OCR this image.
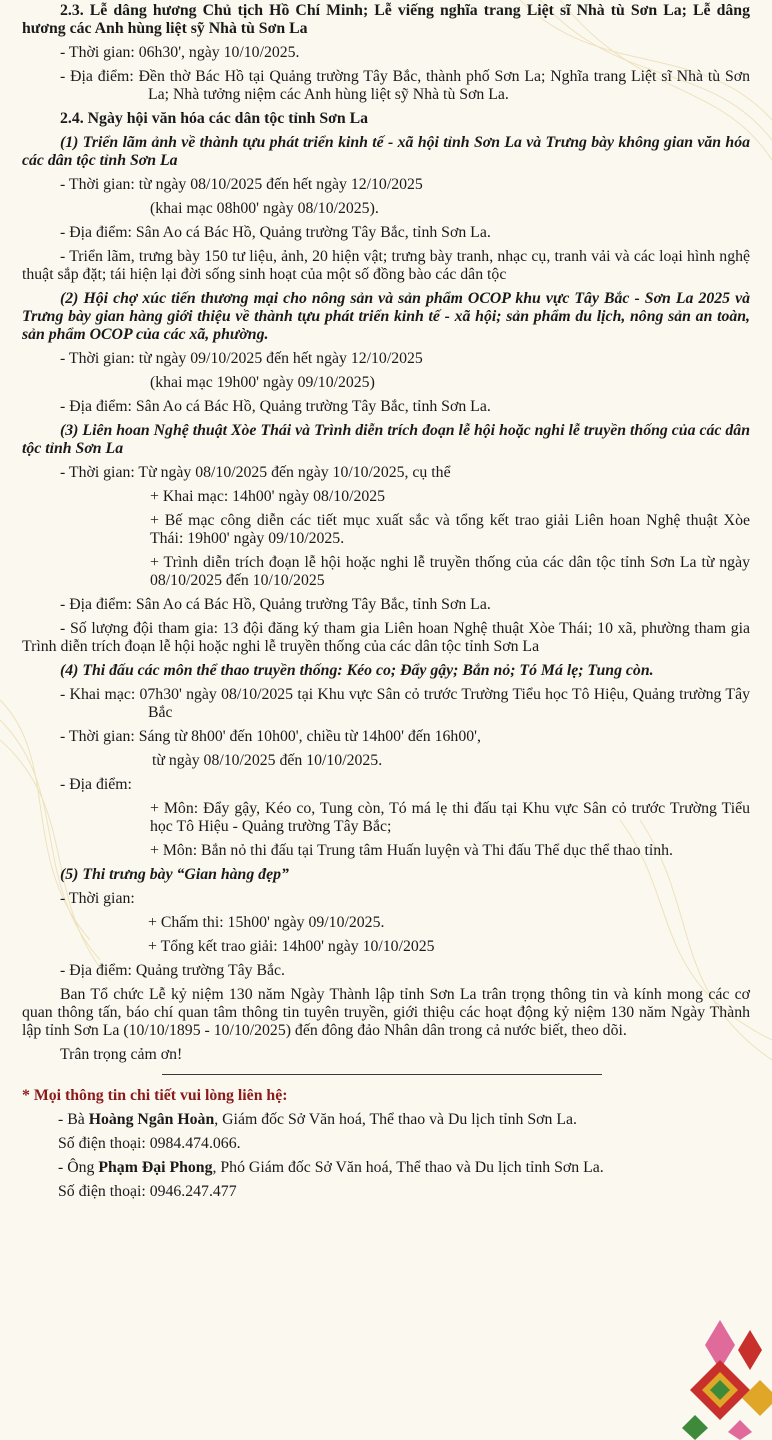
2.3. Lễ dâng hương Chủ tịch Hồ Chí Minh; Lễ viếng nghĩa trang Liệt sĩ Nhà tù Sơn La; Lễ dâng hương các Anh hùng liệt sỹ Nhà tù Sơn La

- Thời gian: 06h30', ngày 10/10/2025.

- Địa điểm: Đền thờ Bác Hồ tại Quảng trường Tây Bắc, thành phố Sơn La; Nghĩa trang Liệt sĩ Nhà tù Sơn La; Nhà tưởng niệm các Anh hùng liệt sỹ Nhà tù Sơn La.

2.4. Ngày hội văn hóa các dân tộc tỉnh Sơn La

(1) Triển lãm ảnh về thành tựu phát triển kinh tế - xã hội tỉnh Sơn La và Trưng bày không gian văn hóa các dân tộc tỉnh Sơn La

- Thời gian: từ ngày 08/10/2025 đến hết ngày 12/10/2025

(khai mạc 08h00' ngày 08/10/2025).

- Địa điểm: Sân Ao cá Bác Hồ, Quảng trường Tây Bắc, tỉnh Sơn La.

- Triển lãm, trưng bày 150 tư liệu, ảnh, 20 hiện vật; trưng bày tranh, nhạc cụ, tranh vải và các loại hình nghệ thuật sắp đặt; tái hiện lại đời sống sinh hoạt của một số đồng bào các dân tộc

(2) Hội chợ xúc tiến thương mại cho nông sản và sản phẩm OCOP khu vực Tây Bắc - Sơn La 2025 và Trưng bày gian hàng giới thiệu về thành tựu phát triển kinh tế - xã hội; sản phẩm du lịch, nông sản an toàn, sản phẩm OCOP của các xã, phường.

- Thời gian: từ ngày 09/10/2025 đến hết ngày 12/10/2025

(khai mạc 19h00' ngày 09/10/2025)

- Địa điểm: Sân Ao cá Bác Hồ, Quảng trường Tây Bắc, tỉnh Sơn La.

(3) Liên hoan Nghệ thuật Xòe Thái và Trình diễn trích đoạn lễ hội hoặc nghi lễ truyền thống của các dân tộc tỉnh Sơn La

- Thời gian: Từ ngày 08/10/2025 đến ngày 10/10/2025, cụ thể

+ Khai mạc: 14h00' ngày 08/10/2025

+ Bế mạc công diễn các tiết mục xuất sắc và tổng kết trao giải Liên hoan Nghệ thuật Xòe Thái: 19h00' ngày 09/10/2025.

+ Trình diễn trích đoạn lễ hội hoặc nghi lễ truyền thống của các dân tộc tỉnh Sơn La từ ngày 08/10/2025 đến 10/10/2025

- Địa điểm: Sân Ao cá Bác Hồ, Quảng trường Tây Bắc, tỉnh Sơn La.

- Số lượng đội tham gia: 13 đội đăng ký tham gia Liên hoan Nghệ thuật Xòe Thái; 10 xã, phường tham gia Trình diễn trích đoạn lễ hội hoặc nghi lễ truyền thống của các dân tộc tỉnh Sơn La

(4) Thi đấu các môn thể thao truyền thống: Kéo co; Đẩy gậy; Bắn nỏ; Tó Má lẹ; Tung còn.

- Khai mạc: 07h30' ngày 08/10/2025 tại Khu vực Sân cỏ trước Trường Tiểu học Tô Hiệu, Quảng trường Tây Bắc

- Thời gian: Sáng từ 8h00' đến 10h00', chiều từ 14h00' đến 16h00',

từ ngày 08/10/2025 đến 10/10/2025.

- Địa điểm:

+ Môn: Đẩy gậy, Kéo co, Tung còn, Tó má lẹ thi đấu tại Khu vực Sân cỏ trước Trường Tiểu học Tô Hiệu - Quảng trường Tây Bắc;

+ Môn: Bắn nỏ thi đấu tại Trung tâm Huấn luyện và Thi đấu Thể dục thể thao tỉnh.

(5) Thi trưng bày “Gian hàng đẹp”

- Thời gian:

+ Chấm thi: 15h00' ngày 09/10/2025.

+ Tổng kết trao giải: 14h00' ngày 10/10/2025

- Địa điểm: Quảng trường Tây Bắc.

Ban Tổ chức Lễ kỷ niệm 130 năm Ngày Thành lập tỉnh Sơn La trân trọng thông tin và kính mong các cơ quan thông tấn, báo chí quan tâm thông tin tuyên truyền, giới thiệu các hoạt động kỷ niệm 130 năm Ngày Thành lập tỉnh Sơn La (10/10/1895 - 10/10/2025) đến đông đảo Nhân dân trong cả nước biết, theo dõi.

Trân trọng cảm ơn!

* Mọi thông tin chi tiết vui lòng liên hệ:

- Bà Hoàng Ngân Hoàn, Giám đốc Sở Văn hoá, Thể thao và Du lịch tỉnh Sơn La.

Số điện thoại: 0984.474.066.

- Ông Phạm Đại Phong, Phó Giám đốc Sở Văn hoá, Thể thao và Du lịch tỉnh Sơn La.

Số điện thoại: 0946.247.477
